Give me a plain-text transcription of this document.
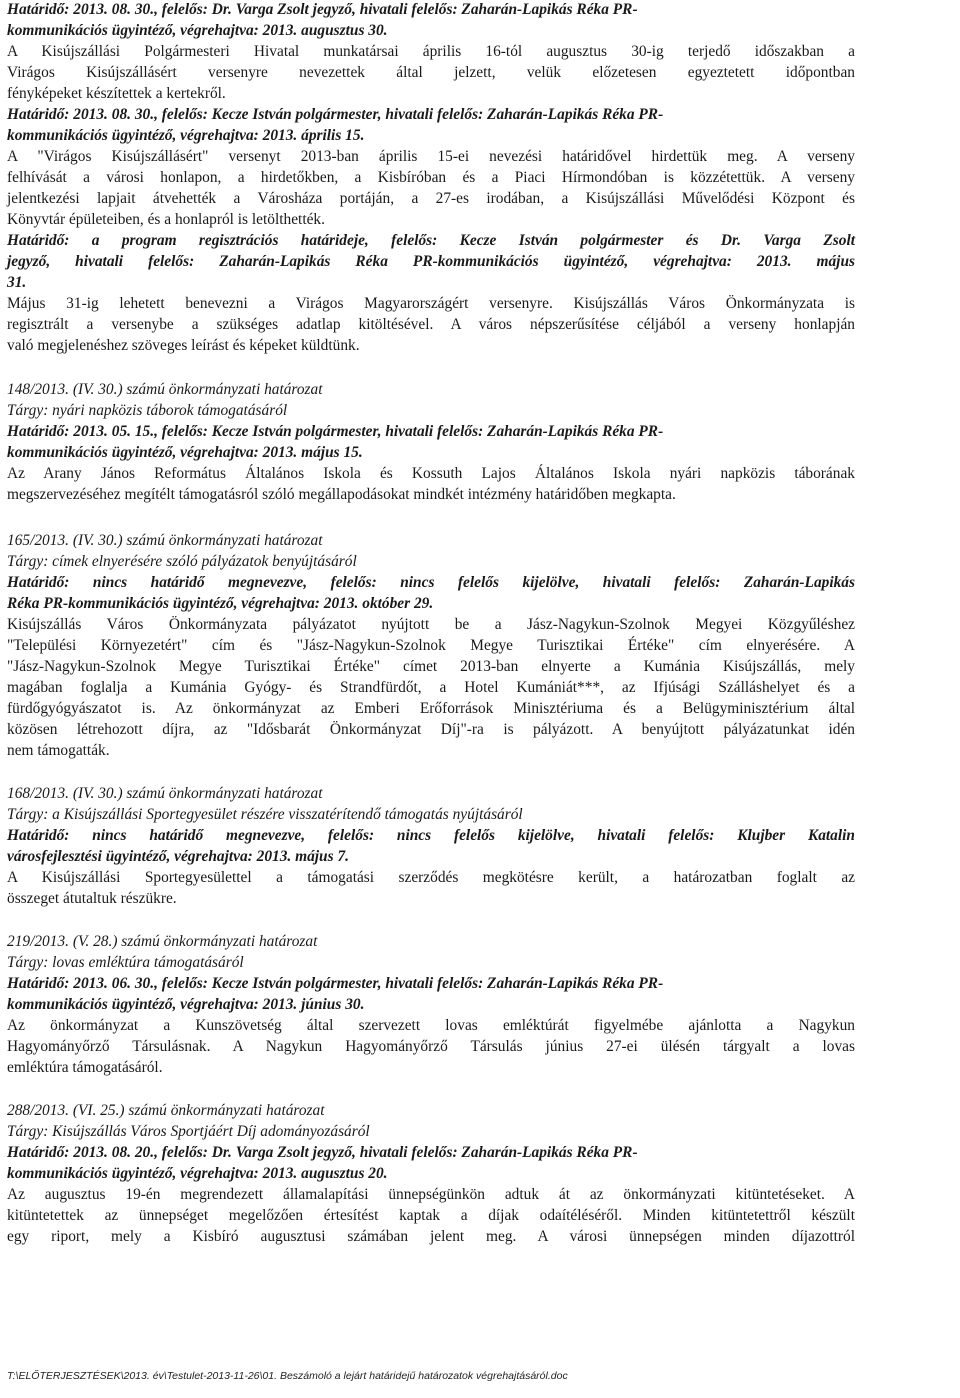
Határidő: 2013. 08. 30., felelős: Dr. Varga Zsolt jegyző, hivatali felelős: Zaharán-Lapikás Réka PR-
kommunikációs ügyintéző, végrehajtva: 2013. augusztus 30.
A Kisújszállási Polgármesteri Hivatal munkatársai április 16-tól augusztus 30-ig terjedő időszakban a
Virágos Kisújszállásért versenyre nevezettek által jelzett, velük előzetesen egyeztetett időpontban
fényképeket készítettek a kertekről.
Határidő: 2013. 08. 30., felelős: Kecze István polgármester, hivatali felelős: Zaharán-Lapikás Réka PR-
kommunikációs ügyintéző, végrehajtva: 2013. április 15.
A "Virágos Kisújszállásért" versenyt 2013-ban április 15-ei nevezési határidővel hirdettük meg. A verseny
felhívását a városi honlapon, a hirdetőkben, a Kisbíróban és a Piaci Hírmondóban is közzétettük. A verseny
jelentkezési lapjait átvehették a Városháza portáján, a 27-es irodában, a Kisújszállási Művelődési Központ és
Könyvtár épületeiben, és a honlapról is letölthették.
Határidő: a program regisztrációs határideje, felelős: Kecze István polgármester és Dr. Varga Zsolt
jegyző, hivatali felelős: Zaharán-Lapikás Réka PR-kommunikációs ügyintéző, végrehajtva: 2013. május
31.
Május 31-ig lehetett benevezni a Virágos Magyarországért versenyre. Kisújszállás Város Önkormányzata is
regisztrált a versenybe a szükséges adatlap kitöltésével. A város népszerűsítése céljából a verseny honlapján
való megjelenéshez szöveges leírást és képeket küldtünk.
148/2013. (IV. 30.) számú önkormányzati határozat
Tárgy: nyári napközis táborok támogatásáról
Határidő: 2013. 05. 15., felelős: Kecze István polgármester, hivatali felelős: Zaharán-Lapikás Réka PR-
kommunikációs ügyintéző, végrehajtva: 2013. május 15.
Az Arany János Református Általános Iskola és Kossuth Lajos Általános Iskola nyári napközis táborának
megszervezéséhez megítélt támogatásról szóló megállapodásokat mindkét intézmény határidőben megkapta.
165/2013. (IV. 30.) számú önkormányzati határozat
Tárgy: címek elnyerésére szóló pályázatok benyújtásáról
Határidő: nincs határidő megnevezve, felelős: nincs felelős kijelölve, hivatali felelős: Zaharán-Lapikás
Réka PR-kommunikációs ügyintéző, végrehajtva: 2013. október 29.
Kisújszállás Város Önkormányzata pályázatot nyújtott be a Jász-Nagykun-Szolnok Megyei Közgyűléshez
"Települési Környezetért" cím és "Jász-Nagykun-Szolnok Megye Turisztikai Értéke" cím elnyerésére. A
"Jász-Nagykun-Szolnok Megye Turisztikai Értéke" címet 2013-ban elnyerte a Kumánia Kisújszállás, mely
magában foglalja a Kumánia Gyógy- és Strandfürdőt, a Hotel Kumániát***, az Ifjúsági Szálláshelyet és a
fürdőgyógyászatot is. Az önkormányzat az Emberi Erőforrások Minisztériuma és a Belügyminisztérium által
közösen létrehozott díjra, az "Idősbarát Önkormányzat Díj"-ra is pályázott. A benyújtott pályázatunkat idén
nem támogatták.
168/2013. (IV. 30.) számú önkormányzati határozat
Tárgy: a Kisújszállási Sportegyesület részére visszatérítendő támogatás nyújtásáról
Határidő: nincs határidő megnevezve, felelős: nincs felelős kijelölve, hivatali felelős: Klujber Katalin
városfejlesztési ügyintéző, végrehajtva: 2013. május 7.
A Kisújszállási Sportegyesülettel a támogatási szerződés megkötésre került, a határozatban foglalt az
összeget átutaltuk részükre.
219/2013. (V. 28.) számú önkormányzati határozat
Tárgy: lovas emléktúra támogatásáról
Határidő: 2013. 06. 30., felelős: Kecze István polgármester, hivatali felelős: Zaharán-Lapikás Réka PR-
kommunikációs ügyintéző, végrehajtva: 2013. június 30.
Az önkormányzat a Kunszövetség által szervezett lovas emléktúrát figyelmébe ajánlotta a Nagykun
Hagyományőrző Társulásnak. A Nagykun Hagyományőrző Társulás június 27-ei ülésén tárgyalt a lovas
emléktúra támogatásáról.
288/2013. (VI. 25.) számú önkormányzati határozat
Tárgy: Kisújszállás Város Sportjáért Díj adományozásáról
Határidő: 2013. 08. 20., felelős: Dr. Varga Zsolt jegyző, hivatali felelős: Zaharán-Lapikás Réka PR-
kommunikációs ügyintéző, végrehajtva: 2013. augusztus 20.
Az augusztus 19-én megrendezett államalapítási ünnepségünkön adtuk át az önkormányzati kitüntetéseket. A
kitüntetettek az ünnepséget megelőzően értesítést kaptak a díjak odaítéléséről. Minden kitüntetettről készült
egy riport, mely a Kisbíró augusztusi számában jelent meg. A városi ünnepségen minden díjazottról
T:\ELŐTERJESZTÉSEK\2013. év\Testulet-2013-11-26\01. Beszámoló a lejárt határidejű határozatok végrehajtásáról.doc
